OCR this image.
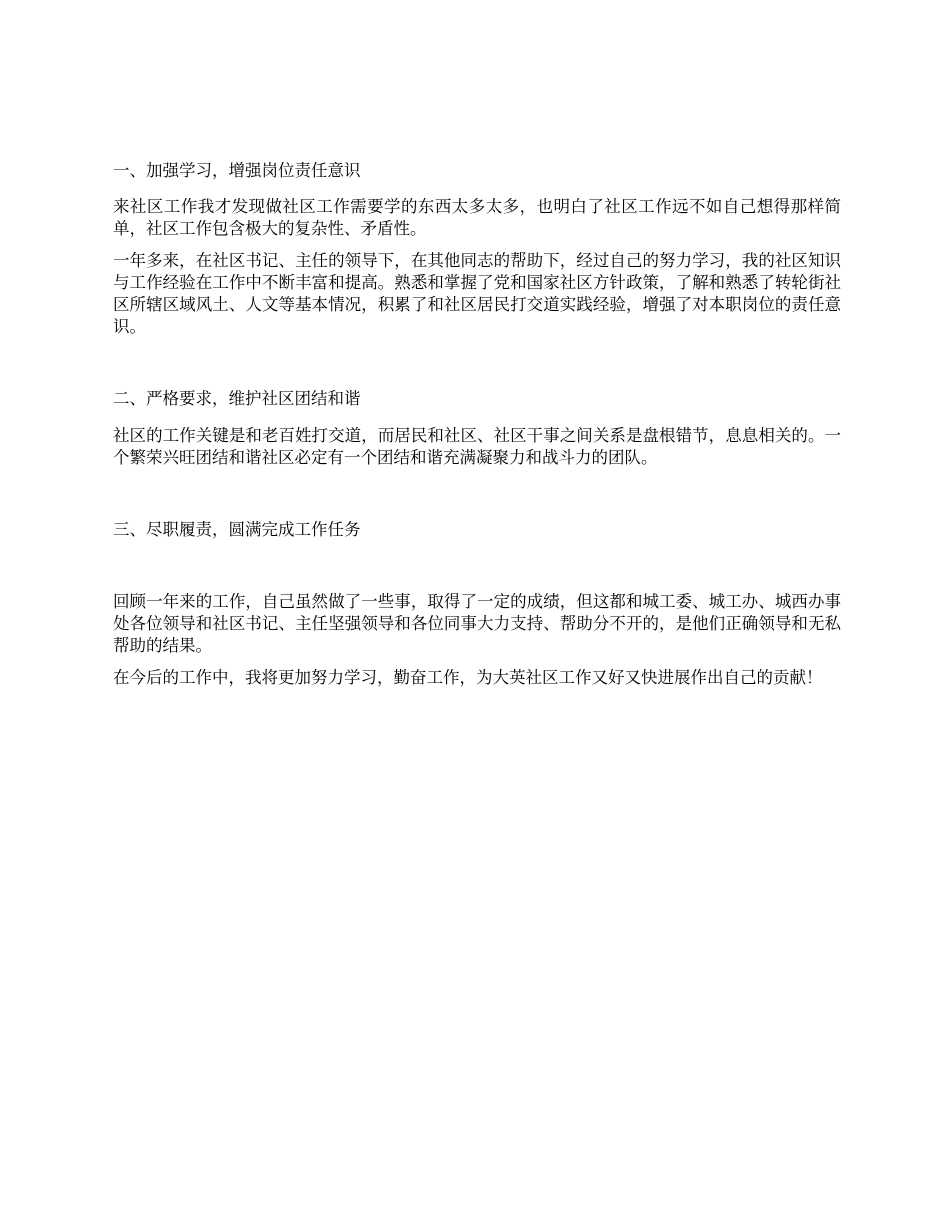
一、加强学习，增强岗位责任意识

来社区工作我才发现做社区工作需要学的东西太多太多，也明白了社区工作远不如自己想得那样简单，社区工作包含极大的复杂性、矛盾性。

一年多来，在社区书记、主任的领导下，在其他同志的帮助下，经过自己的努力学习，我的社区知识与工作经验在工作中不断丰富和提高。熟悉和掌握了党和国家社区方针政策，了解和熟悉了转轮街社区所辖区域风土、人文等基本情况，积累了和社区居民打交道实践经验，增强了对本职岗位的责任意识。

二、严格要求，维护社区团结和谐

社区的工作关键是和老百姓打交道，而居民和社区、社区干事之间关系是盘根错节，息息相关的。一个繁荣兴旺团结和谐社区必定有一个团结和谐充满凝聚力和战斗力的团队。

三、尽职履责，圆满完成工作任务

回顾一年来的工作，自己虽然做了一些事，取得了一定的成绩，但这都和城工委、城工办、城西办事处各位领导和社区书记、主任坚强领导和各位同事大力支持、帮助分不开的，是他们正确领导和无私帮助的结果。

在今后的工作中，我将更加努力学习，勤奋工作，为大英社区工作又好又快进展作出自己的贡献！
